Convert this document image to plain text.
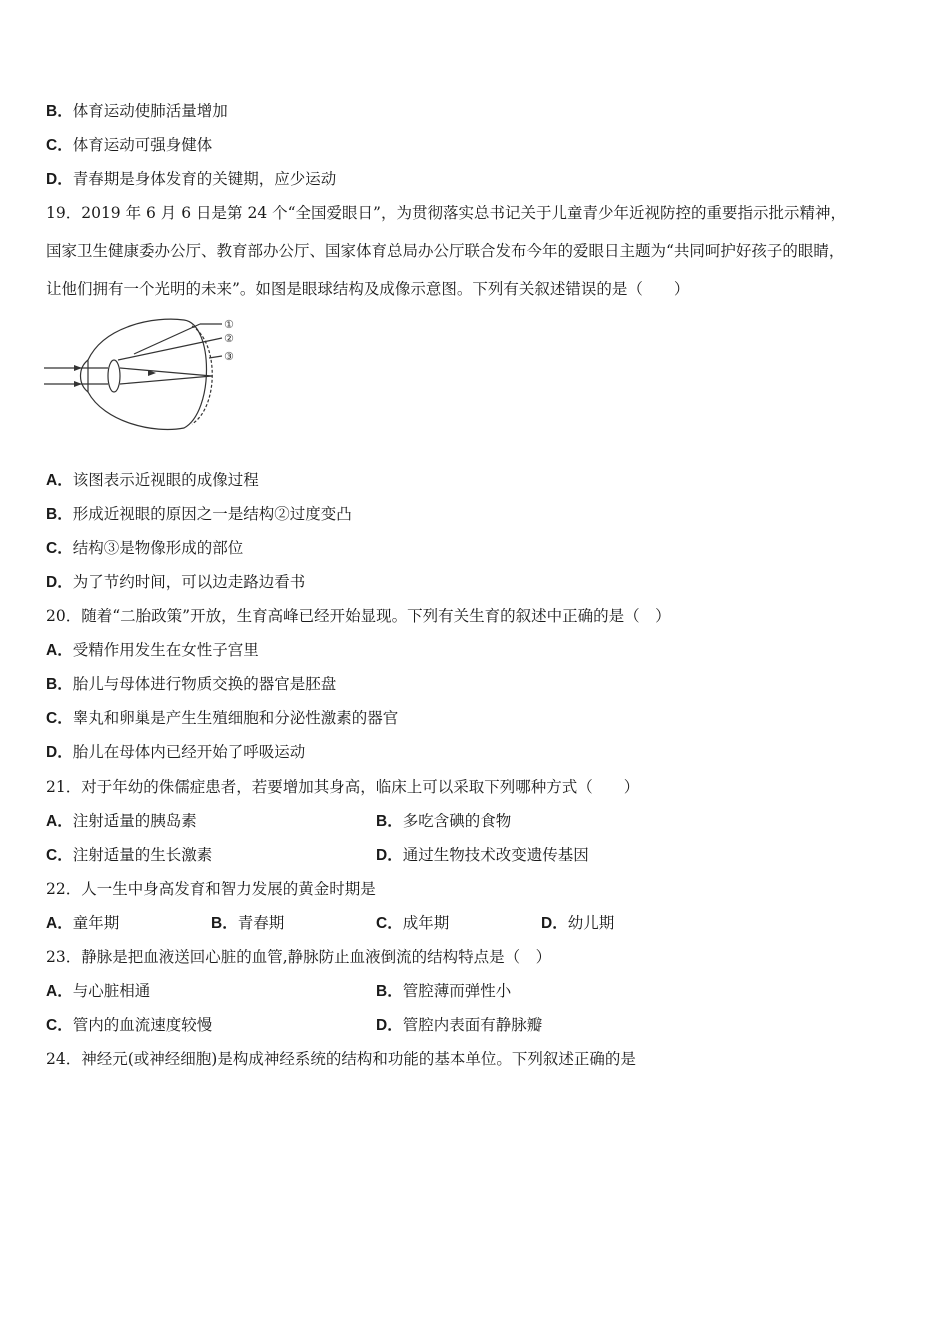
B．体育运动使肺活量增加
C．体育运动可强身健体
D．青春期是身体发育的关键期，应少运动
19．2019 年 6 月 6 日是第 24 个“全国爱眼日”，为贯彻落实总书记关于儿童青少年近视防控的重要指示批示精神，
国家卫生健康委办公厅、教育部办公厅、国家体育总局办公厅联合发布今年的爱眼日主题为“共同呵护好孩子的眼睛，
让他们拥有一个光明的未来”。如图是眼球结构及成像示意图。下列有关叙述错误的是（　　）
①
②
③
A．该图表示近视眼的成像过程
B．形成近视眼的原因之一是结构②过度变凸
C．结构③是物像形成的部位
D．为了节约时间，可以边走路边看书
20．随着“二胎政策”开放，生育高峰已经开始显现。下列有关生育的叙述中正确的是（　）
A．受精作用发生在女性子宫里
B．胎儿与母体进行物质交换的器官是胚盘
C．睾丸和卵巢是产生生殖细胞和分泌性激素的器官
D．胎儿在母体内已经开始了呼吸运动
21．对于年幼的侏儒症患者，若要增加其身高，临床上可以采取下列哪种方式（　　）
A．注射适量的胰岛素	B．多吃含碘的食物
C．注射适量的生长激素	D．通过生物技术改变遗传基因
22．人一生中身高发育和智力发展的黄金时期是
A．童年期	B．青春期	C．成年期	D．幼儿期
23．静脉是把血液送回心脏的血管,静脉防止血液倒流的结构特点是（　）
A．与心脏相通	B．管腔薄而弹性小
C．管内的血流速度较慢	D．管腔内表面有静脉瓣
24．神经元(或神经细胞)是构成神经系统的结构和功能的基本单位。下列叙述正确的是
